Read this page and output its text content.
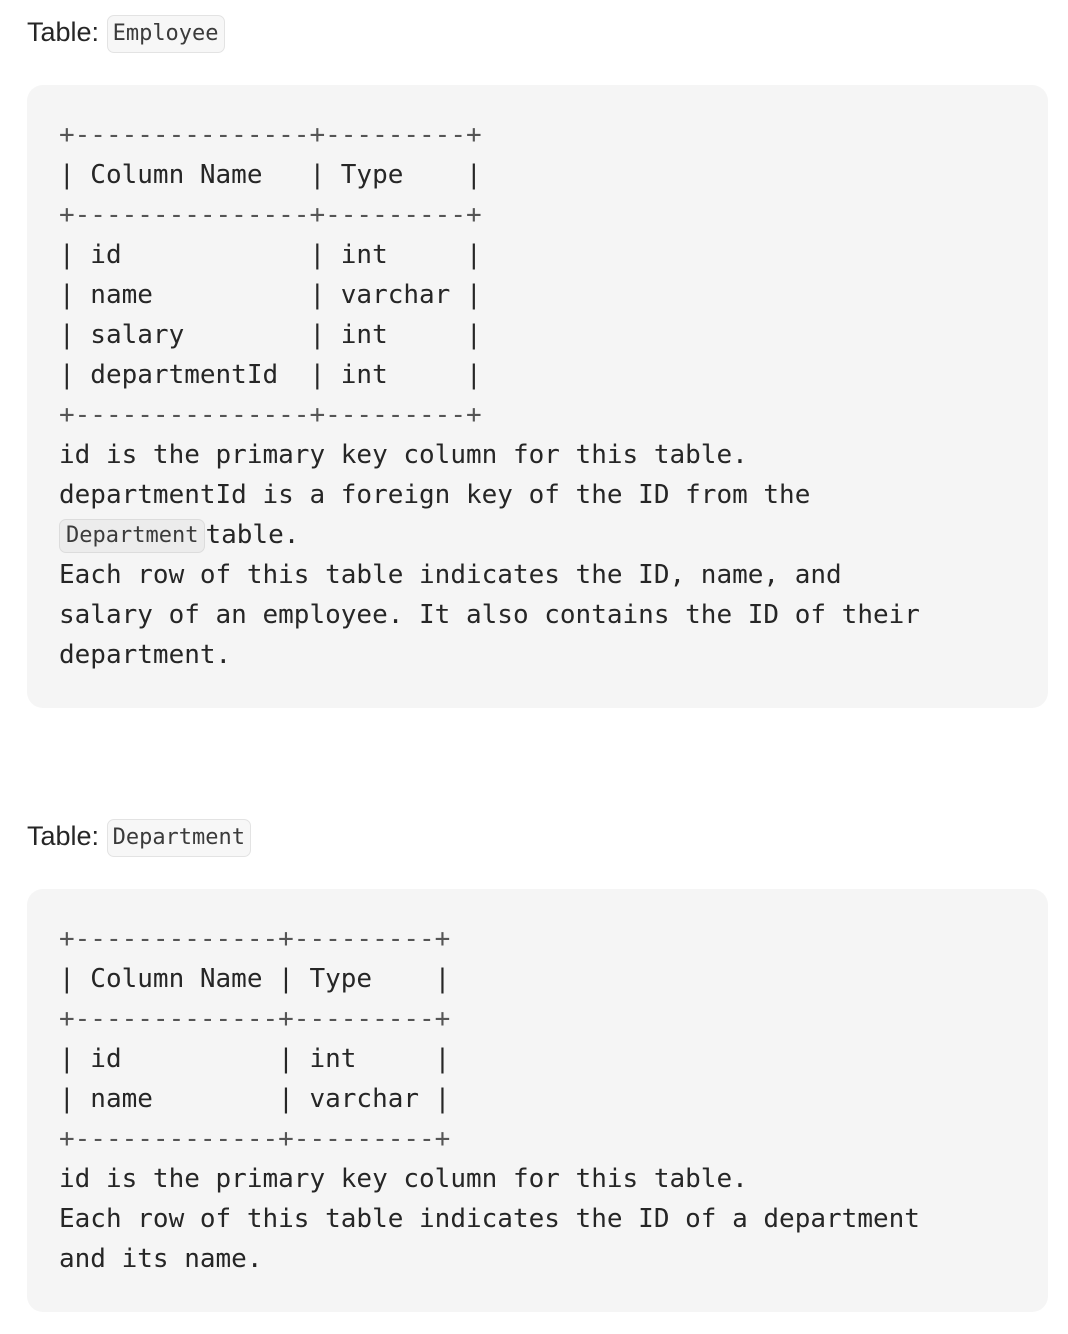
Table: Employee
+---------------+---------+
| Column Name   | Type    |
+---------------+---------+
| id            | int     |
| name          | varchar |
| salary        | int     |
| departmentId  | int     |
+---------------+---------+
id is the primary key column for this table.
departmentId is a foreign key of the ID from the
Department table.
Each row of this table indicates the ID, name, and
salary of an employee. It also contains the ID of their
department.
Table: Department
+-------------+---------+
| Column Name | Type    |
+-------------+---------+
| id          | int     |
| name        | varchar |
+-------------+---------+
id is the primary key column for this table.
Each row of this table indicates the ID of a department
and its name.
